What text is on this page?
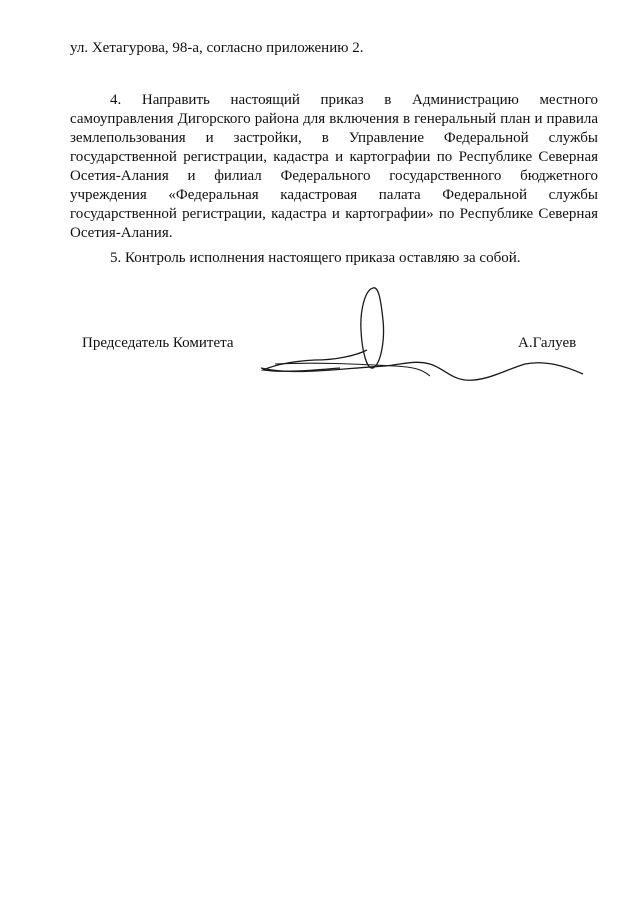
ул. Хетагурова, 98-а, согласно приложению 2.
4. Направить настоящий приказ в Администрацию местного
самоуправления Дигорского района для включения в генеральный план и правила
землепользования и застройки, в Управление Федеральной службы
государственной регистрации, кадастра и картографии по Республике Северная
Осетия-Алания и филиал Федерального государственного бюджетного
учреждения «Федеральная кадастровая палата Федеральной службы
государственной регистрации, кадастра и картографии» по Республике Северная
Осетия-Алания.
5. Контроль исполнения настоящего приказа оставляю за собой.
Председатель Комитета	А.Галуев
